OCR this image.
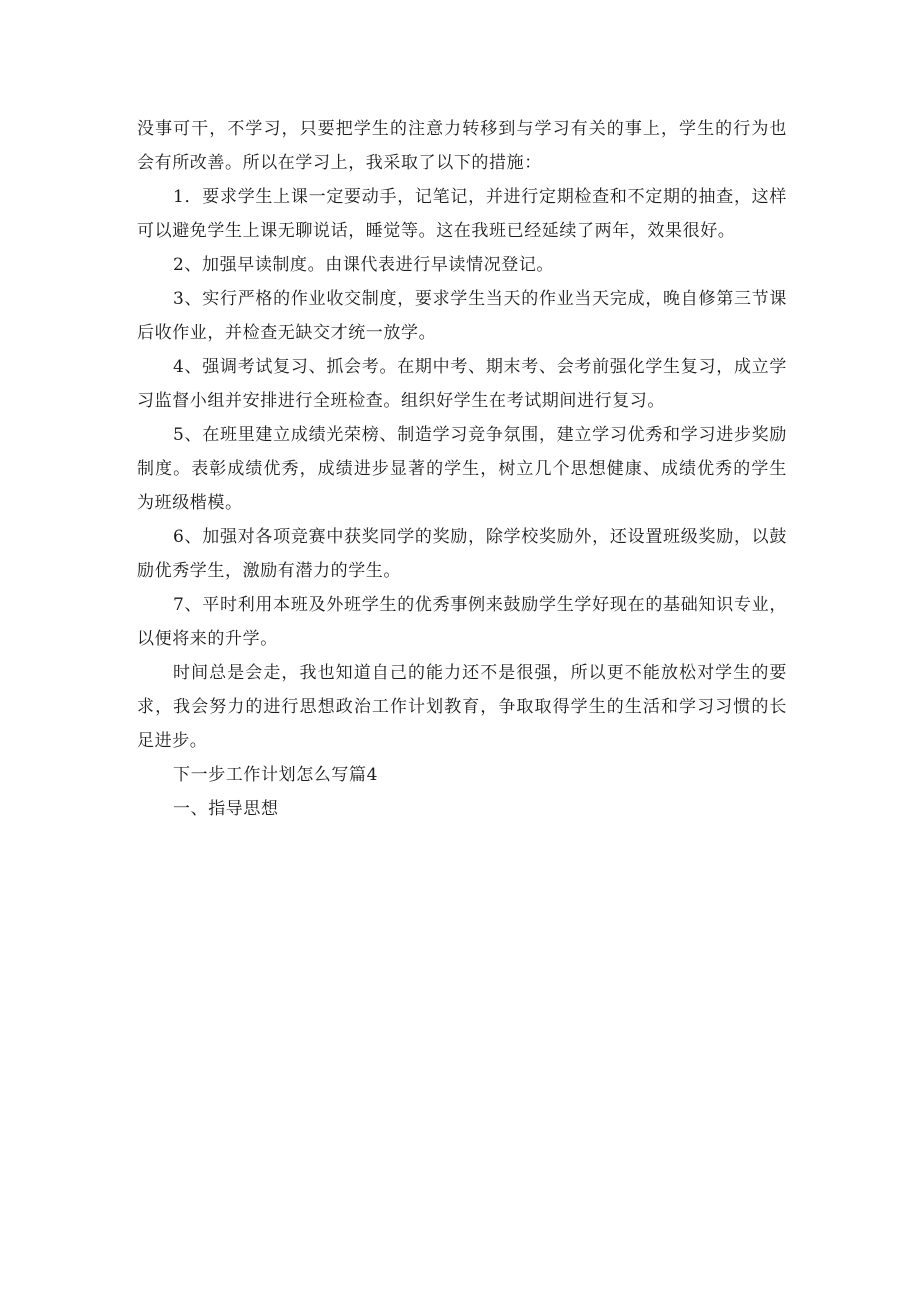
没事可干，不学习，只要把学生的注意力转移到与学习有关的事上，学生的行为也会有所改善。所以在学习上，我采取了以下的措施：

1．要求学生上课一定要动手，记笔记，并进行定期检查和不定期的抽查，这样可以避免学生上课无聊说话，睡觉等。这在我班已经延续了两年，效果很好。

2、加强早读制度。由课代表进行早读情况登记。

3、实行严格的作业收交制度，要求学生当天的作业当天完成，晚自修第三节课后收作业，并检查无缺交才统一放学。

4、强调考试复习、抓会考。在期中考、期末考、会考前强化学生复习，成立学习监督小组并安排进行全班检查。组织好学生在考试期间进行复习。

5、在班里建立成绩光荣榜、制造学习竞争氛围，建立学习优秀和学习进步奖励制度。表彰成绩优秀，成绩进步显著的学生，树立几个思想健康、成绩优秀的学生为班级楷模。

6、加强对各项竞赛中获奖同学的奖励，除学校奖励外，还设置班级奖励，以鼓励优秀学生，激励有潜力的学生。

7、平时利用本班及外班学生的优秀事例来鼓励学生学好现在的基础知识专业，以便将来的升学。

时间总是会走，我也知道自己的能力还不是很强，所以更不能放松对学生的要求，我会努力的进行思想政治工作计划教育，争取取得学生的生活和学习习惯的长足进步。

下一步工作计划怎么写篇4

一、指导思想
